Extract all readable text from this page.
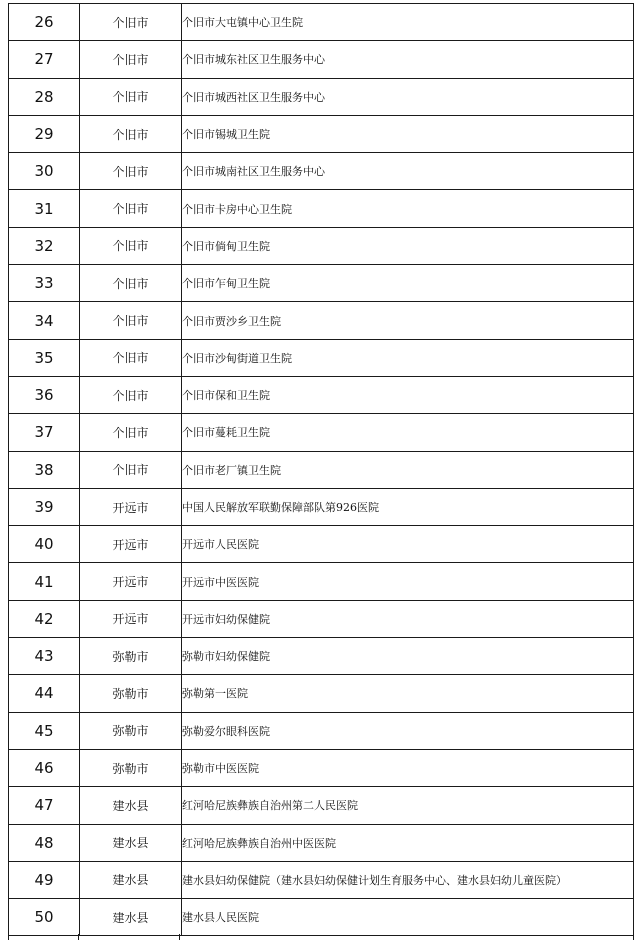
26	个旧市	个旧市大屯镇中心卫生院
27	个旧市	个旧市城东社区卫生服务中心
28	个旧市	个旧市城西社区卫生服务中心
29	个旧市	个旧市锡城卫生院
30	个旧市	个旧市城南社区卫生服务中心
31	个旧市	个旧市卡房中心卫生院
32	个旧市	个旧市倘甸卫生院
33	个旧市	个旧市乍甸卫生院
34	个旧市	个旧市贾沙乡卫生院
35	个旧市	个旧市沙甸街道卫生院
36	个旧市	个旧市保和卫生院
37	个旧市	个旧市蔓耗卫生院
38	个旧市	个旧市老厂镇卫生院
39	开远市	中国人民解放军联勤保障部队第926医院
40	开远市	开远市人民医院
41	开远市	开远市中医医院
42	开远市	开远市妇幼保健院
43	弥勒市	弥勒市妇幼保健院
44	弥勒市	弥勒第一医院
45	弥勒市	弥勒爱尔眼科医院
46	弥勒市	弥勒市中医医院
47	建水县	红河哈尼族彝族自治州第二人民医院
48	建水县	红河哈尼族彝族自治州中医医院
49	建水县	建水县妇幼保健院（建水县妇幼保健计划生育服务中心、建水县妇幼儿童医院）
50	建水县	建水县人民医院
